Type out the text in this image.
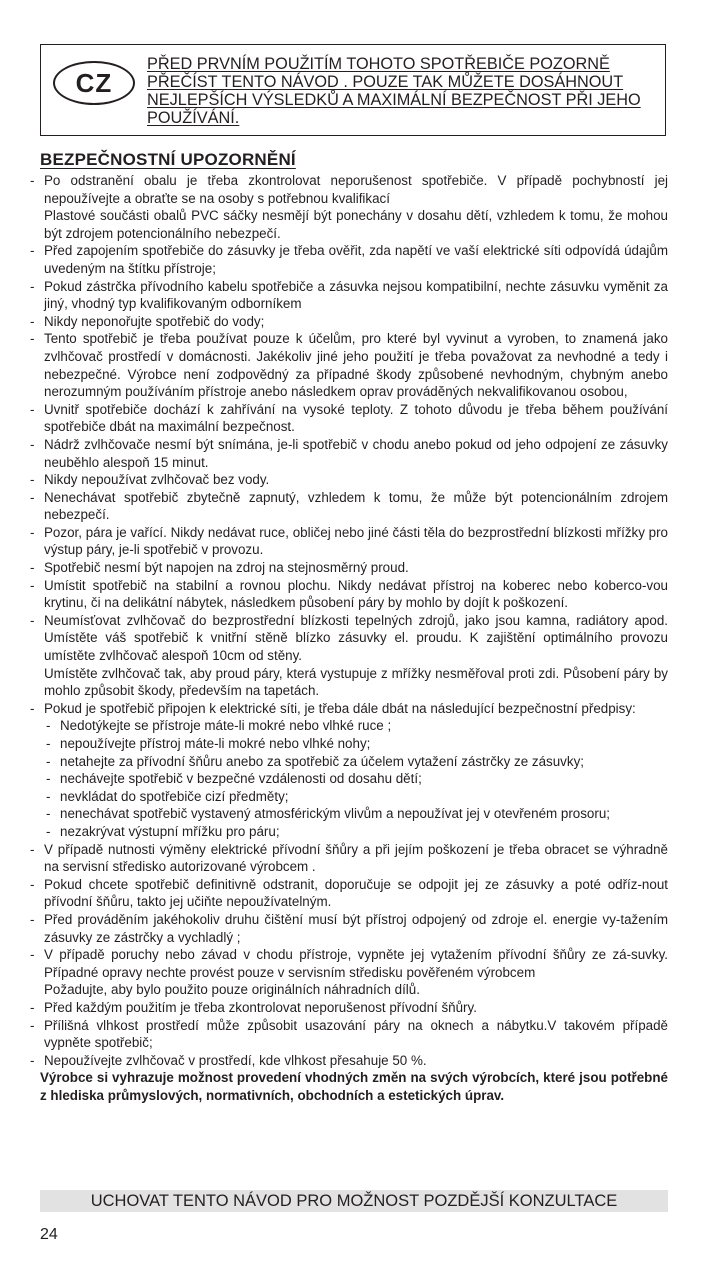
CZ
PŘED PRVNÍM POUŽITÍM TOHOTO SPOTŘEBIČE POZORNĚ
PŘEČÍST TENTO NÁVOD . POUZE TAK MŮŽETE DOSÁHNOUT
NEJLEPŠÍCH VÝSLEDKŮ A MAXIMÁLNÍ BEZPEČNOST PŘI JEHO
POUŽÍVÁNÍ.
BEZPEČNOSTNÍ UPOZORNĚNÍ
- Po odstranění obalu je třeba zkontrolovat neporušenost spotřebiče. V případě pochybností jej nepoužívejte a obraťte se na osoby s potřebnou kvalifikací
Plastové součásti obalů PVC sáčky nesmějí být ponechány v dosahu dětí, vzhledem k tomu, že mohou být zdrojem potencionálního nebezpečí.
- Před zapojením spotřebiče do zásuvky je třeba ověřit, zda napětí ve vaší elektrické síti odpovídá údajům uvedeným na štítku přístroje;
- Pokud zástrčka přívodního kabelu spotřebiče a zásuvka nejsou kompatibilní, nechte zásuvku vyměnit za jiný, vhodný typ kvalifikovaným odborníkem
- Nikdy neponořujte spotřebič do vody;
- Tento spotřebič je třeba používat pouze k účelům, pro které byl vyvinut a vyroben, to znamená jako zvlhčovač prostředí v domácnosti. Jakékoliv jiné jeho použití je třeba považovat za nevhodné a tedy i nebezpečné. Výrobce není zodpovědný za případné škody způsobené nevhodným, chybným anebo nerozumným používáním přístroje anebo následkem oprav provádĕných nekvalifikovanou osobou,
- Uvnitř spotřebiče dochází k zahřívání na vysoké teploty. Z tohoto důvodu je třeba během používání spotřebiče dbát na maximální bezpečnost.
- Nádrž zvlhčovače nesmí být snímána, je-li spotřebič v chodu anebo pokud od jeho odpojení ze zásuvky neuběhlo alespoň 15 minut.
- Nikdy nepoužívat zvlhčovač bez vody.
- Nenechávat spotřebič zbytečně zapnutý, vzhledem k tomu, že může být potencionálním zdrojem nebezpečí.
- Pozor, pára je vařící. Nikdy nedávat ruce, obličej nebo jiné části těla do bezprostřední blízkosti mřížky pro výstup páry, je-li spotřebič v provozu.
- Spotřebič nesmí být napojen na zdroj na stejnosměrný proud.
- Umístit spotřebič na stabilní a rovnou plochu. Nikdy nedávat přístroj na koberec nebo koberco-vou krytinu, či na delikátní nábytek, následkem působení páry by mohlo by dojít k poškození.
- Neumísťovat zvlhčovač do bezprostřední blízkosti tepelných zdrojů, jako jsou kamna, radiátory apod. Umístěte váš spotřebič k vnitřní stěně blízko zásuvky el. proudu. K zajištění optimálního provozu umístěte zvlhčovač alespoň 10cm od stěny.
Umístěte zvlhčovač tak, aby proud páry, která vystupuje z mřížky nesměřoval proti zdi. Působení páry by mohlo způsobit škody, především na tapetách.
- Pokud je spotřebič připojen k elektrické síti, je třeba dále dbát na následující bezpečnostní předpisy:
- Nedotýkejte se přístroje máte-li mokré nebo vlhké ruce ;
- nepoužívejte přístroj máte-li mokré nebo vlhké nohy;
- netahejte za přívodní šňůru anebo za spotřebič za účelem vytažení zástrčky ze zásuvky;
- nechávejte spotřebič v bezpečné vzdálenosti od dosahu dětí;
- nevkládat do spotřebiče cizí předměty;
- nenechávat spotřebič vystavený atmosférickým vlivům a nepoužívat jej v otevřeném prosoru;
- nezakrývat výstupní mřížku pro páru;
- V případě nutnosti výměny elektrické přívodní šňůry a při jejím poškození je třeba obracet se výhradně na servisní středisko autorizované výrobcem .
- Pokud chcete spotřebič definitivně odstranit, doporučuje se odpojit jej ze zásuvky a poté odříz-nout přívodní šňůru, takto jej učiňte nepoužívatelným.
- Před prováděním jakéhokoliv druhu čištění musí být přístroj odpojený od zdroje el. energie vy-tažením zásuvky ze zástrčky a vychladlý ;
- V případě poruchy nebo závad v chodu přístroje, vypněte jej vytažením přívodní šňůry ze zá-suvky. Případné opravy nechte provést pouze v servisním středisku pověřeném výrobcem
Požadujte, aby bylo použito pouze originálních náhradních dílů.
- Před každým použitím je třeba zkontrolovat neporušenost přívodní šňůry.
- Přílišná vlhkost prostředí může způsobit usazování páry na oknech a nábytku.V takovém případě vypněte spotřebič;
- Nepoužívejte zvlhčovač v prostředí, kde vlhkost přesahuje 50 %.
Výrobce si vyhrazuje možnost provedení vhodných změn na svých výrobcích, které jsou potřebné z hlediska průmyslových, normativních, obchodních a estetických úprav.
UCHOVAT TENTO NÁVOD PRO MOŽNOST POZDĚJŠÍ KONZULTACE
24
